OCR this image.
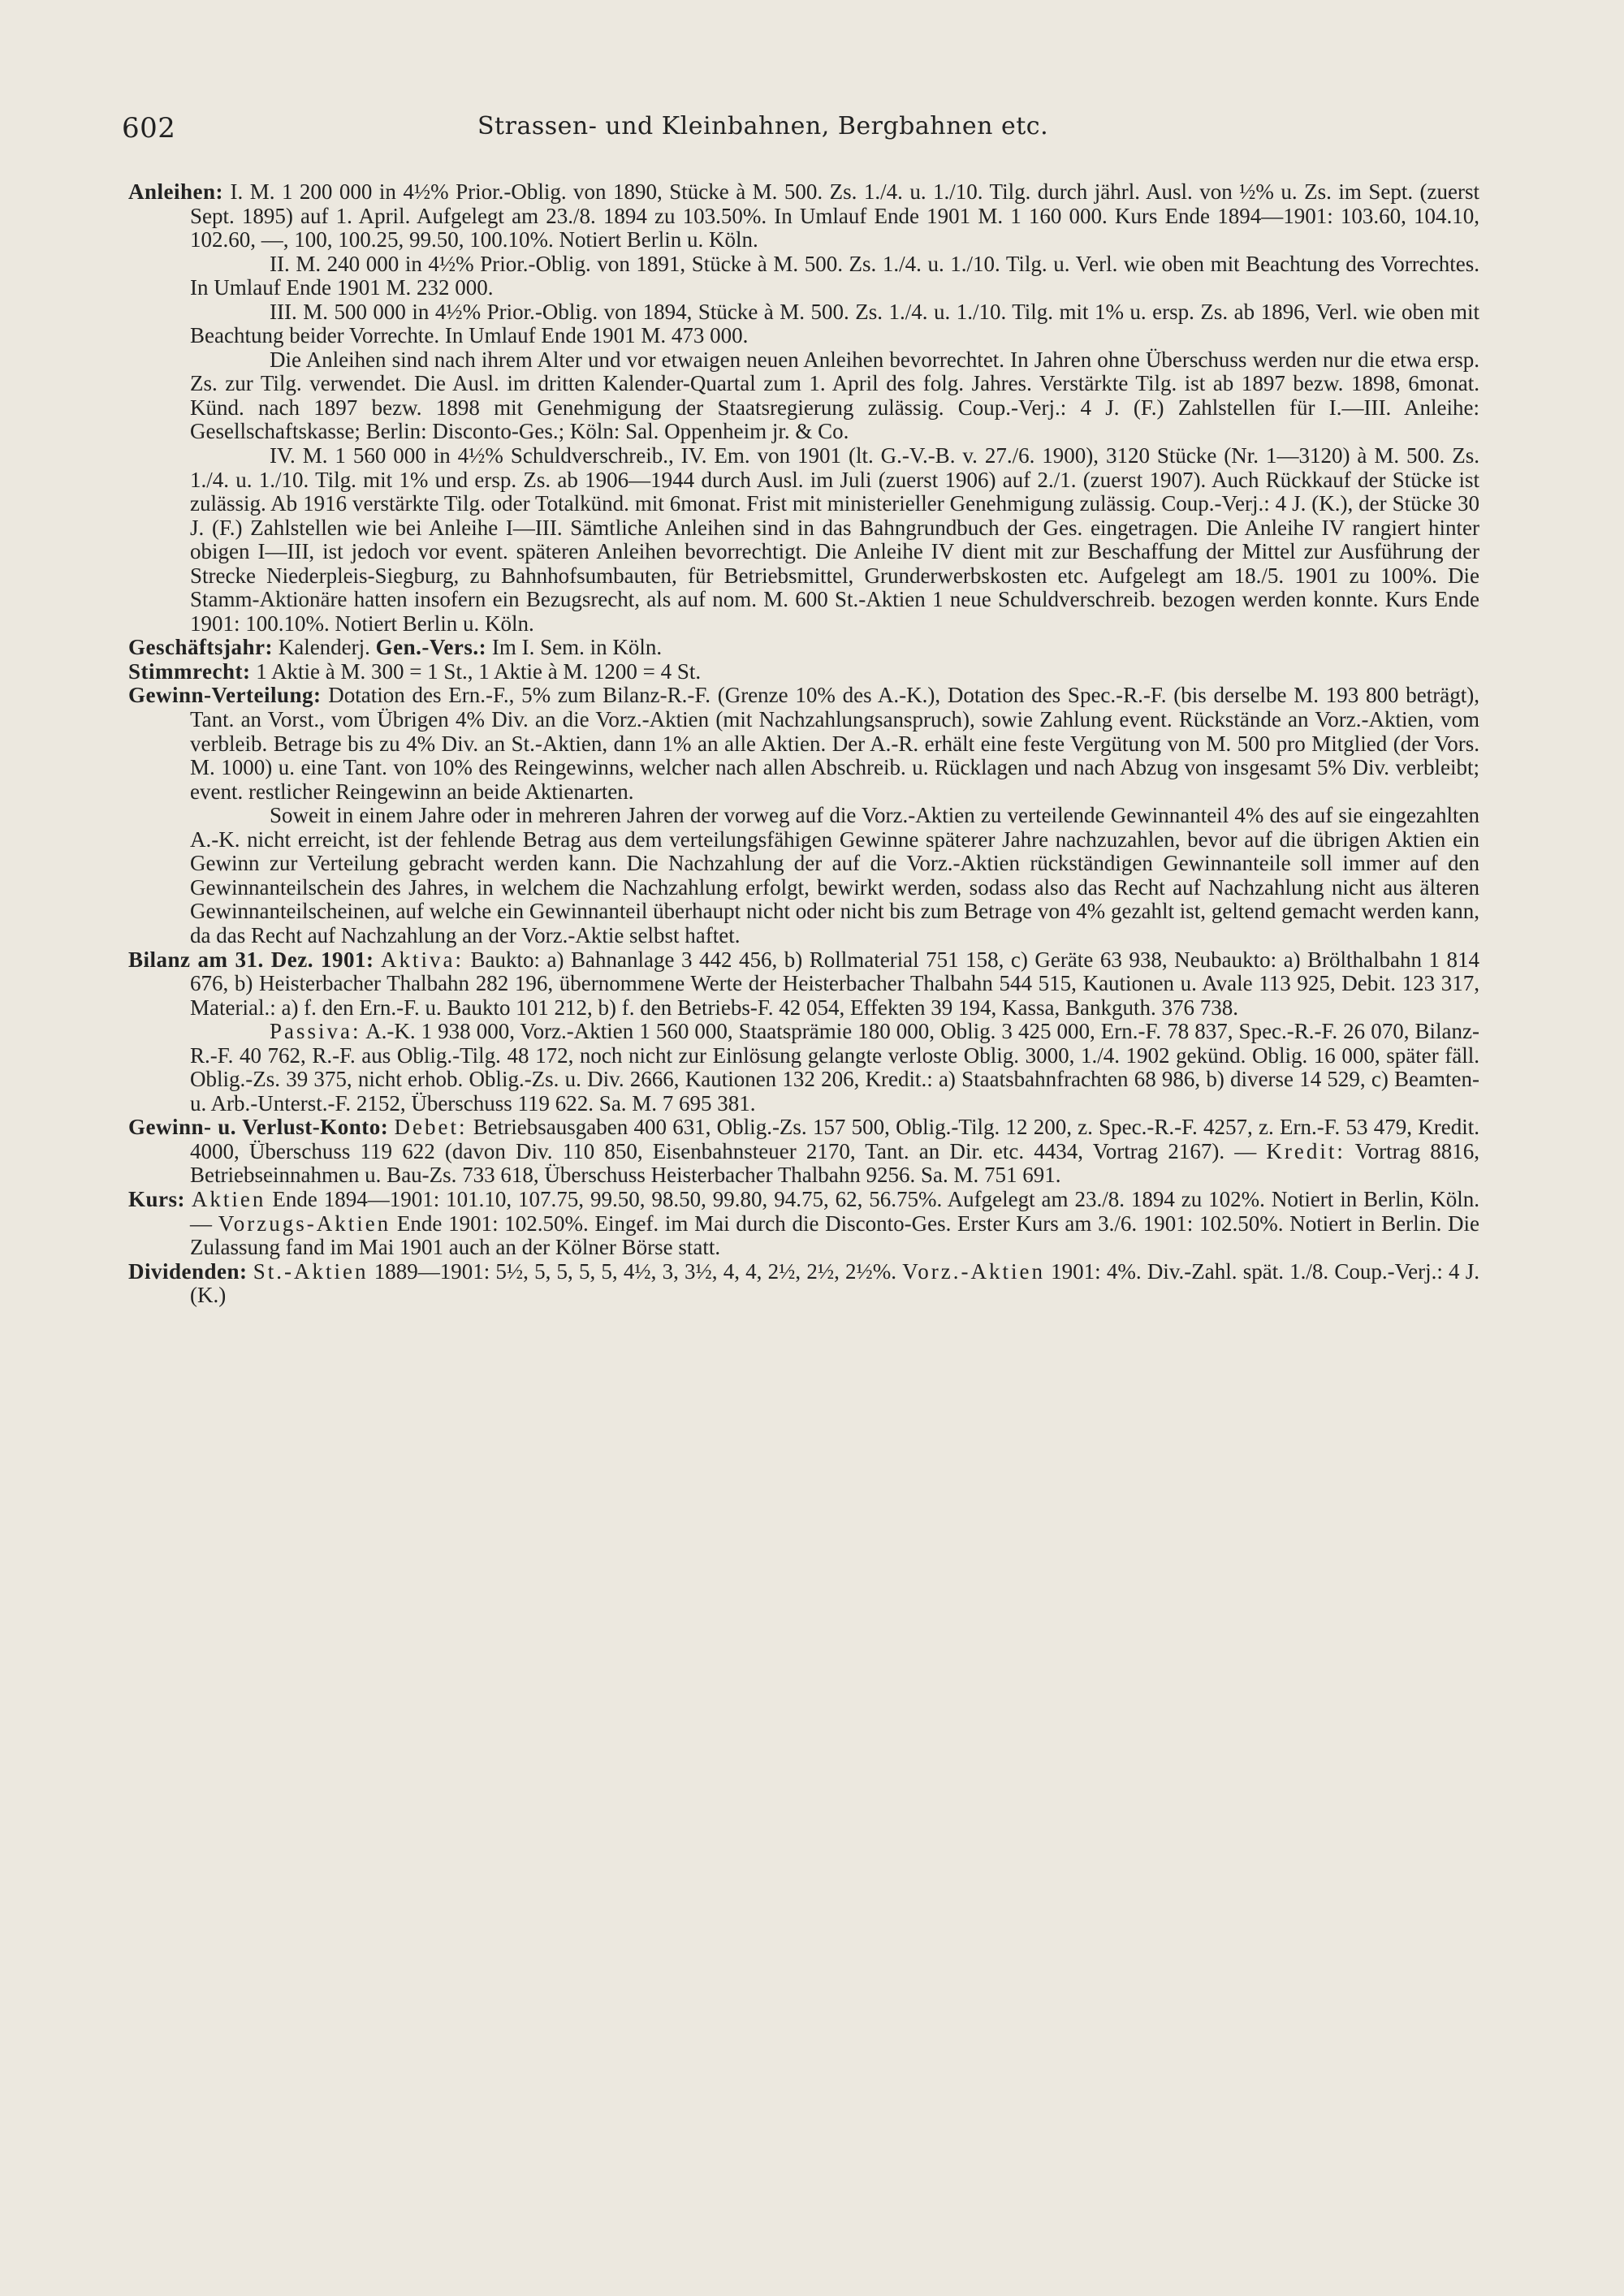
602	Strassen- und Kleinbahnen, Bergbahnen etc.

Anleihen: I. M. 1 200 000 in 4½% Prior.-Oblig. von 1890, Stücke à M. 500. Zs. 1./4. u. 1./10. Tilg. durch jährl. Ausl. von ½% u. Zs. im Sept. (zuerst Sept. 1895) auf 1. April. Aufgelegt am 23./8. 1894 zu 103.50%. In Umlauf Ende 1901 M. 1 160 000. Kurs Ende 1894—1901: 103.60, 104.10, 102.60, —, 100, 100.25, 99.50, 100.10%. Notiert Berlin u. Köln.

II. M. 240 000 in 4½% Prior.-Oblig. von 1891, Stücke à M. 500. Zs. 1./4. u. 1./10. Tilg. u. Verl. wie oben mit Beachtung des Vorrechtes. In Umlauf Ende 1901 M. 232 000.

III. M. 500 000 in 4½% Prior.-Oblig. von 1894, Stücke à M. 500. Zs. 1./4. u. 1./10. Tilg. mit 1% u. ersp. Zs. ab 1896, Verl. wie oben mit Beachtung beider Vorrechte. In Umlauf Ende 1901 M. 473 000.

Die Anleihen sind nach ihrem Alter und vor etwaigen neuen Anleihen bevorrechtet. In Jahren ohne Überschuss werden nur die etwa ersp. Zs. zur Tilg. verwendet. Die Ausl. im dritten Kalender-Quartal zum 1. April des folg. Jahres. Verstärkte Tilg. ist ab 1897 bezw. 1898, 6monat. Künd. nach 1897 bezw. 1898 mit Genehmigung der Staatsregierung zulässig. Coup.-Verj.: 4 J. (F.) Zahlstellen für I.—III. Anleihe: Gesellschaftskasse; Berlin: Disconto-Ges.; Köln: Sal. Oppenheim jr. & Co.

IV. M. 1 560 000 in 4½% Schuldverschreib., IV. Em. von 1901 (lt. G.-V.-B. v. 27./6. 1900), 3120 Stücke (Nr. 1—3120) à M. 500. Zs. 1./4. u. 1./10. Tilg. mit 1% und ersp. Zs. ab 1906—1944 durch Ausl. im Juli (zuerst 1906) auf 2./1. (zuerst 1907). Auch Rückkauf der Stücke ist zulässig. Ab 1916 verstärkte Tilg. oder Totalkünd. mit 6monat. Frist mit ministerieller Genehmigung zulässig. Coup.-Verj.: 4 J. (K.), der Stücke 30 J. (F.) Zahlstellen wie bei Anleihe I—III. Sämtliche Anleihen sind in das Bahngrundbuch der Ges. eingetragen. Die Anleihe IV rangiert hinter obigen I—III, ist jedoch vor event. späteren Anleihen bevorrechtigt. Die Anleihe IV dient mit zur Beschaffung der Mittel zur Ausführung der Strecke Niederpleis-Siegburg, zu Bahnhofsumbauten, für Betriebsmittel, Grunderwerbskosten etc. Aufgelegt am 18./5. 1901 zu 100%. Die Stamm-Aktionäre hatten insofern ein Bezugsrecht, als auf nom. M. 600 St.-Aktien 1 neue Schuldverschreib. bezogen werden konnte. Kurs Ende 1901: 100.10%. Notiert Berlin u. Köln.

Geschäftsjahr: Kalenderj. Gen.-Vers.: Im I. Sem. in Köln.

Stimmrecht: 1 Aktie à M. 300 = 1 St., 1 Aktie à M. 1200 = 4 St.

Gewinn-Verteilung: Dotation des Ern.-F., 5% zum Bilanz-R.-F. (Grenze 10% des A.-K.), Dotation des Spec.-R.-F. (bis derselbe M. 193 800 beträgt), Tant. an Vorst., vom Übrigen 4% Div. an die Vorz.-Aktien (mit Nachzahlungsanspruch), sowie Zahlung event. Rückstände an Vorz.-Aktien, vom verbleib. Betrage bis zu 4% Div. an St.-Aktien, dann 1% an alle Aktien. Der A.-R. erhält eine feste Vergütung von M. 500 pro Mitglied (der Vors. M. 1000) u. eine Tant. von 10% des Reingewinns, welcher nach allen Abschreib. u. Rücklagen und nach Abzug von insgesamt 5% Div. verbleibt; event. restlicher Reingewinn an beide Aktienarten.

Soweit in einem Jahre oder in mehreren Jahren der vorweg auf die Vorz.-Aktien zu verteilende Gewinnanteil 4% des auf sie eingezahlten A.-K. nicht erreicht, ist der fehlende Betrag aus dem verteilungsfähigen Gewinne späterer Jahre nachzuzahlen, bevor auf die übrigen Aktien ein Gewinn zur Verteilung gebracht werden kann. Die Nachzahlung der auf die Vorz.-Aktien rückständigen Gewinnanteile soll immer auf den Gewinnanteilschein des Jahres, in welchem die Nachzahlung erfolgt, bewirkt werden, sodass also das Recht auf Nachzahlung nicht aus älteren Gewinnanteilscheinen, auf welche ein Gewinnanteil überhaupt nicht oder nicht bis zum Betrage von 4% gezahlt ist, geltend gemacht werden kann, da das Recht auf Nachzahlung an der Vorz.-Aktie selbst haftet.

Bilanz am 31. Dez. 1901: Aktiva: Baukto: a) Bahnanlage 3 442 456, b) Rollmaterial 751 158, c) Geräte 63 938, Neubaukto: a) Brölthalbahn 1 814 676, b) Heisterbacher Thalbahn 282 196, übernommene Werte der Heisterbacher Thalbahn 544 515, Kautionen u. Avale 113 925, Debit. 123 317, Material.: a) f. den Ern.-F. u. Baukto 101 212, b) f. den Betriebs-F. 42 054, Effekten 39 194, Kassa, Bankguth. 376 738.

Passiva: A.-K. 1 938 000, Vorz.-Aktien 1 560 000, Staatsprämie 180 000, Oblig. 3 425 000, Ern.-F. 78 837, Spec.-R.-F. 26 070, Bilanz-R.-F. 40 762, R.-F. aus Oblig.-Tilg. 48 172, noch nicht zur Einlösung gelangte verloste Oblig. 3000, 1./4. 1902 gekünd. Oblig. 16 000, später fäll. Oblig.-Zs. 39 375, nicht erhob. Oblig.-Zs. u. Div. 2666, Kautionen 132 206, Kredit.: a) Staatsbahnfrachten 68 986, b) diverse 14 529, c) Beamten- u. Arb.-Unterst.-F. 2152, Überschuss 119 622. Sa. M. 7 695 381.

Gewinn- u. Verlust-Konto: Debet: Betriebsausgaben 400 631, Oblig.-Zs. 157 500, Oblig.-Tilg. 12 200, z. Spec.-R.-F. 4257, z. Ern.-F. 53 479, Kredit. 4000, Überschuss 119 622 (davon Div. 110 850, Eisenbahnsteuer 2170, Tant. an Dir. etc. 4434, Vortrag 2167). — Kredit: Vortrag 8816, Betriebseinnahmen u. Bau-Zs. 733 618, Überschuss Heisterbacher Thalbahn 9256. Sa. M. 751 691.

Kurs: Aktien Ende 1894—1901: 101.10, 107.75, 99.50, 98.50, 99.80, 94.75, 62, 56.75%. Aufgelegt am 23./8. 1894 zu 102%. Notiert in Berlin, Köln. — Vorzugs-Aktien Ende 1901: 102.50%. Eingef. im Mai durch die Disconto-Ges. Erster Kurs am 3./6. 1901: 102.50%. Notiert in Berlin. Die Zulassung fand im Mai 1901 auch an der Kölner Börse statt.

Dividenden: St.-Aktien 1889—1901: 5½, 5, 5, 5, 5, 4½, 3, 3½, 4, 4, 2½, 2½, 2½%. Vorz.-Aktien 1901: 4%. Div.-Zahl. spät. 1./8. Coup.-Verj.: 4 J. (K.)
